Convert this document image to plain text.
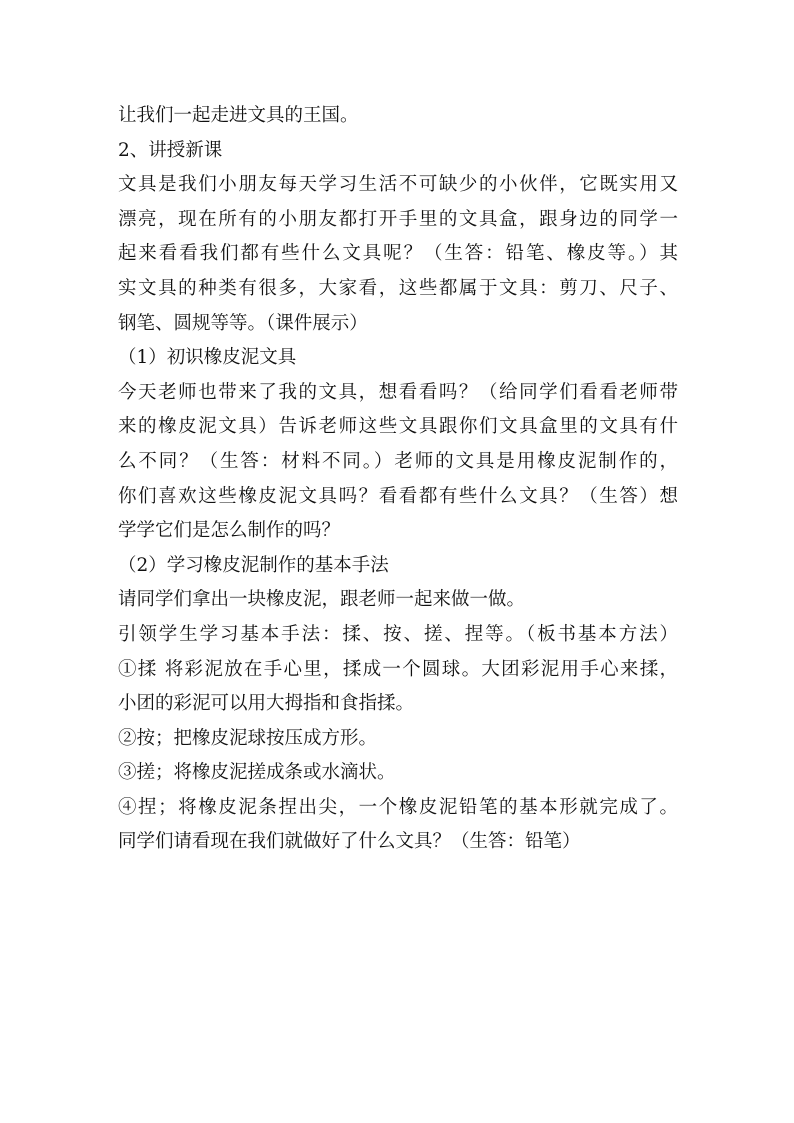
让我们一起走进文具的王国。
2、讲授新课
文具是我们小朋友每天学习生活不可缺少的小伙伴，它既实用又
漂亮，现在所有的小朋友都打开手里的文具盒，跟身边的同学一
起来看看我们都有些什么文具呢？（生答：铅笔、橡皮等。）其
实文具的种类有很多，大家看，这些都属于文具：剪刀、尺子、
钢笔、圆规等等。（课件展示）
（1）初识橡皮泥文具
今天老师也带来了我的文具，想看看吗？（给同学们看看老师带
来的橡皮泥文具）告诉老师这些文具跟你们文具盒里的文具有什
么不同？（生答：材料不同。）老师的文具是用橡皮泥制作的，
你们喜欢这些橡皮泥文具吗？看看都有些什么文具？（生答）想
学学它们是怎么制作的吗？
（2）学习橡皮泥制作的基本手法
请同学们拿出一块橡皮泥，跟老师一起来做一做。
引领学生学习基本手法：揉、按、搓、捏等。（板书基本方法）
①揉 将彩泥放在手心里，揉成一个圆球。大团彩泥用手心来揉，
小团的彩泥可以用大拇指和食指揉。
②按；把橡皮泥球按压成方形。
③搓；将橡皮泥搓成条或水滴状。
④捏；将橡皮泥条捏出尖，一个橡皮泥铅笔的基本形就完成了。
同学们请看现在我们就做好了什么文具？（生答：铅笔）
